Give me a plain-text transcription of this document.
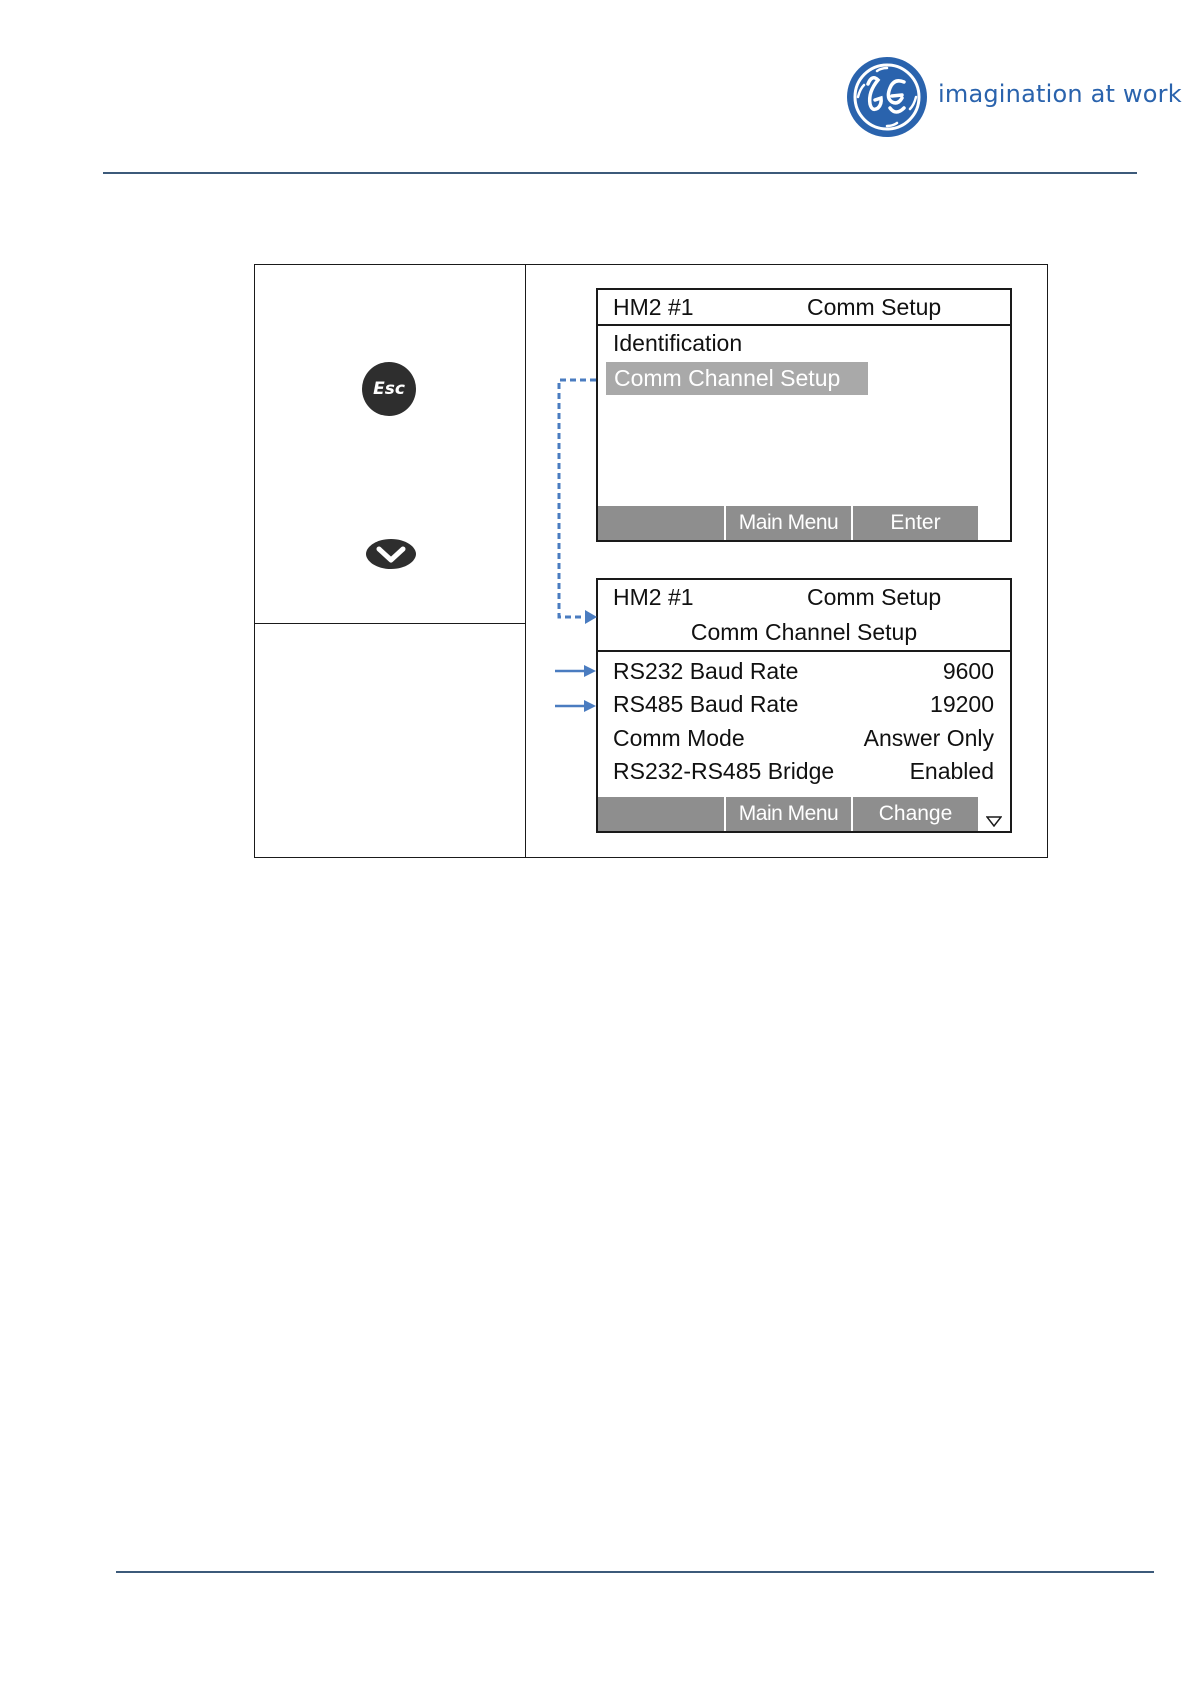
imagination at work
Esc
HM2 #1	Comm Setup
Identification
Comm Channel Setup
Main Menu	Enter
HM2 #1	Comm Setup
Comm Channel Setup
RS232 Baud Rate	9600
RS485 Baud Rate	19200
Comm Mode	Answer Only
RS232-RS485 Bridge	Enabled
Main Menu	Change
